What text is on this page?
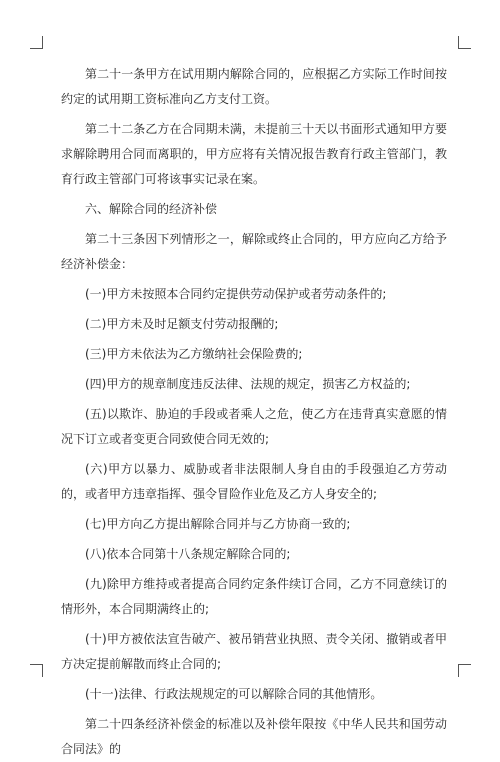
第二十一条甲方在试用期内解除合同的，应根据乙方实际工作时间按约定的试用期工资标准向乙方支付工资。

第二十二条乙方在合同期未满，未提前三十天以书面形式通知甲方要求解除聘用合同而离职的，甲方应将有关情况报告教育行政主管部门，教育行政主管部门可将该事实记录在案。

六、解除合同的经济补偿

第二十三条因下列情形之一，解除或终止合同的，甲方应向乙方给予经济补偿金：

(一)甲方未按照本合同约定提供劳动保护或者劳动条件的;

(二)甲方未及时足额支付劳动报酬的;

(三)甲方未依法为乙方缴纳社会保险费的;

(四)甲方的规章制度违反法律、法规的规定，损害乙方权益的;

(五)以欺诈、胁迫的手段或者乘人之危，使乙方在违背真实意愿的情况下订立或者变更合同致使合同无效的;

(六)甲方以暴力、威胁或者非法限制人身自由的手段强迫乙方劳动的，或者甲方违章指挥、强令冒险作业危及乙方人身安全的;

(七)甲方向乙方提出解除合同并与乙方协商一致的;

(八)依本合同第十八条规定解除合同的;

(九)除甲方维持或者提高合同约定条件续订合同，乙方不同意续订的情形外，本合同期满终止的;

(十)甲方被依法宣告破产、被吊销营业执照、责令关闭、撤销或者甲方决定提前解散而终止合同的;

(十一)法律、行政法规规定的可以解除合同的其他情形。

第二十四条经济补偿金的标准以及补偿年限按《中华人民共和国劳动合同法》的
